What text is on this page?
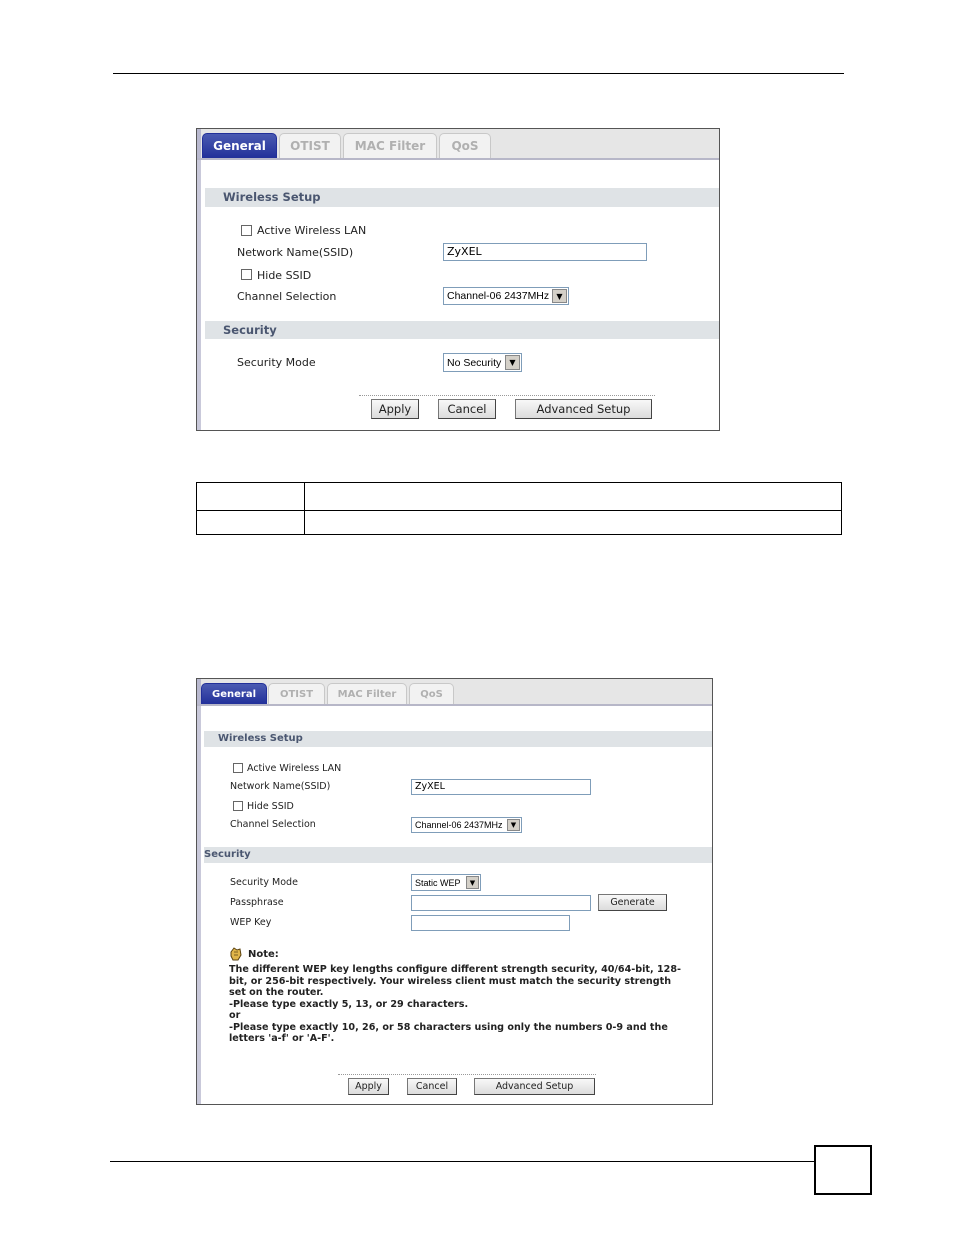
General	OTIST	MAC Filter	QoS
Wireless Setup
Active Wireless LAN
Network Name(SSID)	ZyXEL
Hide SSID
Channel Selection	Channel-06 2437MHz ▼
Security
Security Mode	No Security	▼
Apply	Cancel	Advanced Setup

General	OTIST	MAC Filter	QoS
Wireless Setup
Active Wireless LAN
Network Name(SSID)	ZyXEL
Hide SSID
Channel Selection	Channel-06 2437MHz	▼
Security
Security Mode	Static WEP	▼
Passphrase	Generate
WEP Key
Note:
The different WEP key lengths configure different strength security, 40/64-bit, 128-
bit, or 256-bit respectively. Your wireless client must match the security strength
set on the router.
-Please type exactly 5, 13, or 29 characters.
or
-Please type exactly 10, 26, or 58 characters using only the numbers 0-9 and the
letters 'a-f' or 'A-F'.
Apply	Cancel	Advanced Setup
